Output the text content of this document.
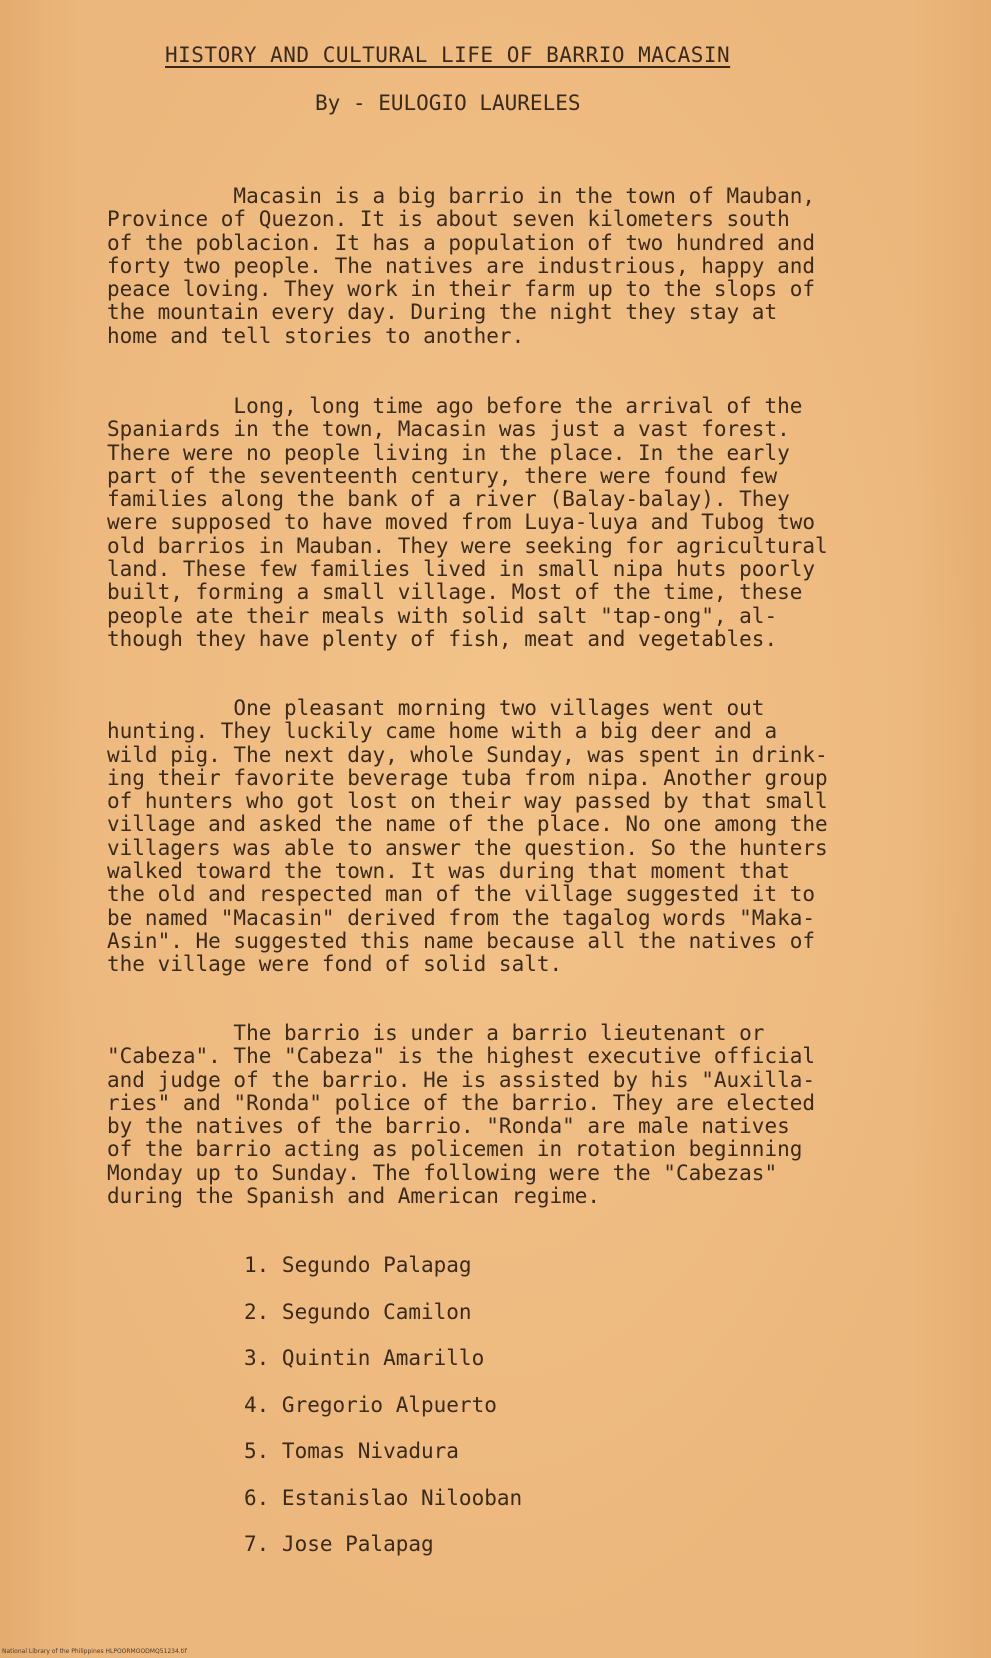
HISTORY AND CULTURAL LIFE OF BARRIO MACASIN
By - EULOGIO LAURELES

Macasin is a big barrio in the town of Mauban,
Province of Quezon. It is about seven kilometers south
of the poblacion. It has a population of two hundred and
forty two people. The natives are industrious, happy and
peace loving. They work in their farm up to the slops of
the mountain every day. During the night they stay at
home and tell stories to another.

Long, long time ago before the arrival of the
Spaniards in the town, Macasin was just a vast forest.
There were no people living in the place. In the early
part of the seventeenth century, there were found few
families along the bank of a river (Balay-balay). They
were supposed to have moved from Luya-luya and Tubog two
old barrios in Mauban. They were seeking for agricultural
land. These few families lived in small nipa huts poorly
built, forming a small village. Most of the time, these
people ate their meals with solid salt "tap-ong", al-
though they have plenty of fish, meat and vegetables.

One pleasant morning two villages went out
hunting. They luckily came home with a big deer and a
wild pig. The next day, whole Sunday, was spent in drink-
ing their favorite beverage tuba from nipa. Another group
of hunters who got lost on their way passed by that small
village and asked the name of the place. No one among the
villagers was able to answer the question. So the hunters
walked toward the town. It was during that moment that
the old and respected man of the village suggested it to
be named "Macasin" derived from the tagalog words "Maka-
Asin". He suggested this name because all the natives of
the village were fond of solid salt.

The barrio is under a barrio lieutenant or
"Cabeza". The "Cabeza" is the highest executive official
and judge of the barrio. He is assisted by his "Auxilla-
ries" and "Ronda" police of the barrio. They are elected
by the natives of the barrio. "Ronda" are male natives
of the barrio acting as policemen in rotation beginning
Monday up to Sunday. The following were the "Cabezas"
during the Spanish and American regime.

1. Segundo Palapag
2. Segundo Camilon
3. Quintin Amarillo
4. Gregorio Alpuerto
5. Tomas Nivadura
6. Estanislao Nilooban
7. Jose Palapag
National Library of the Philippines HLPOORMOODMQ51234.tif
